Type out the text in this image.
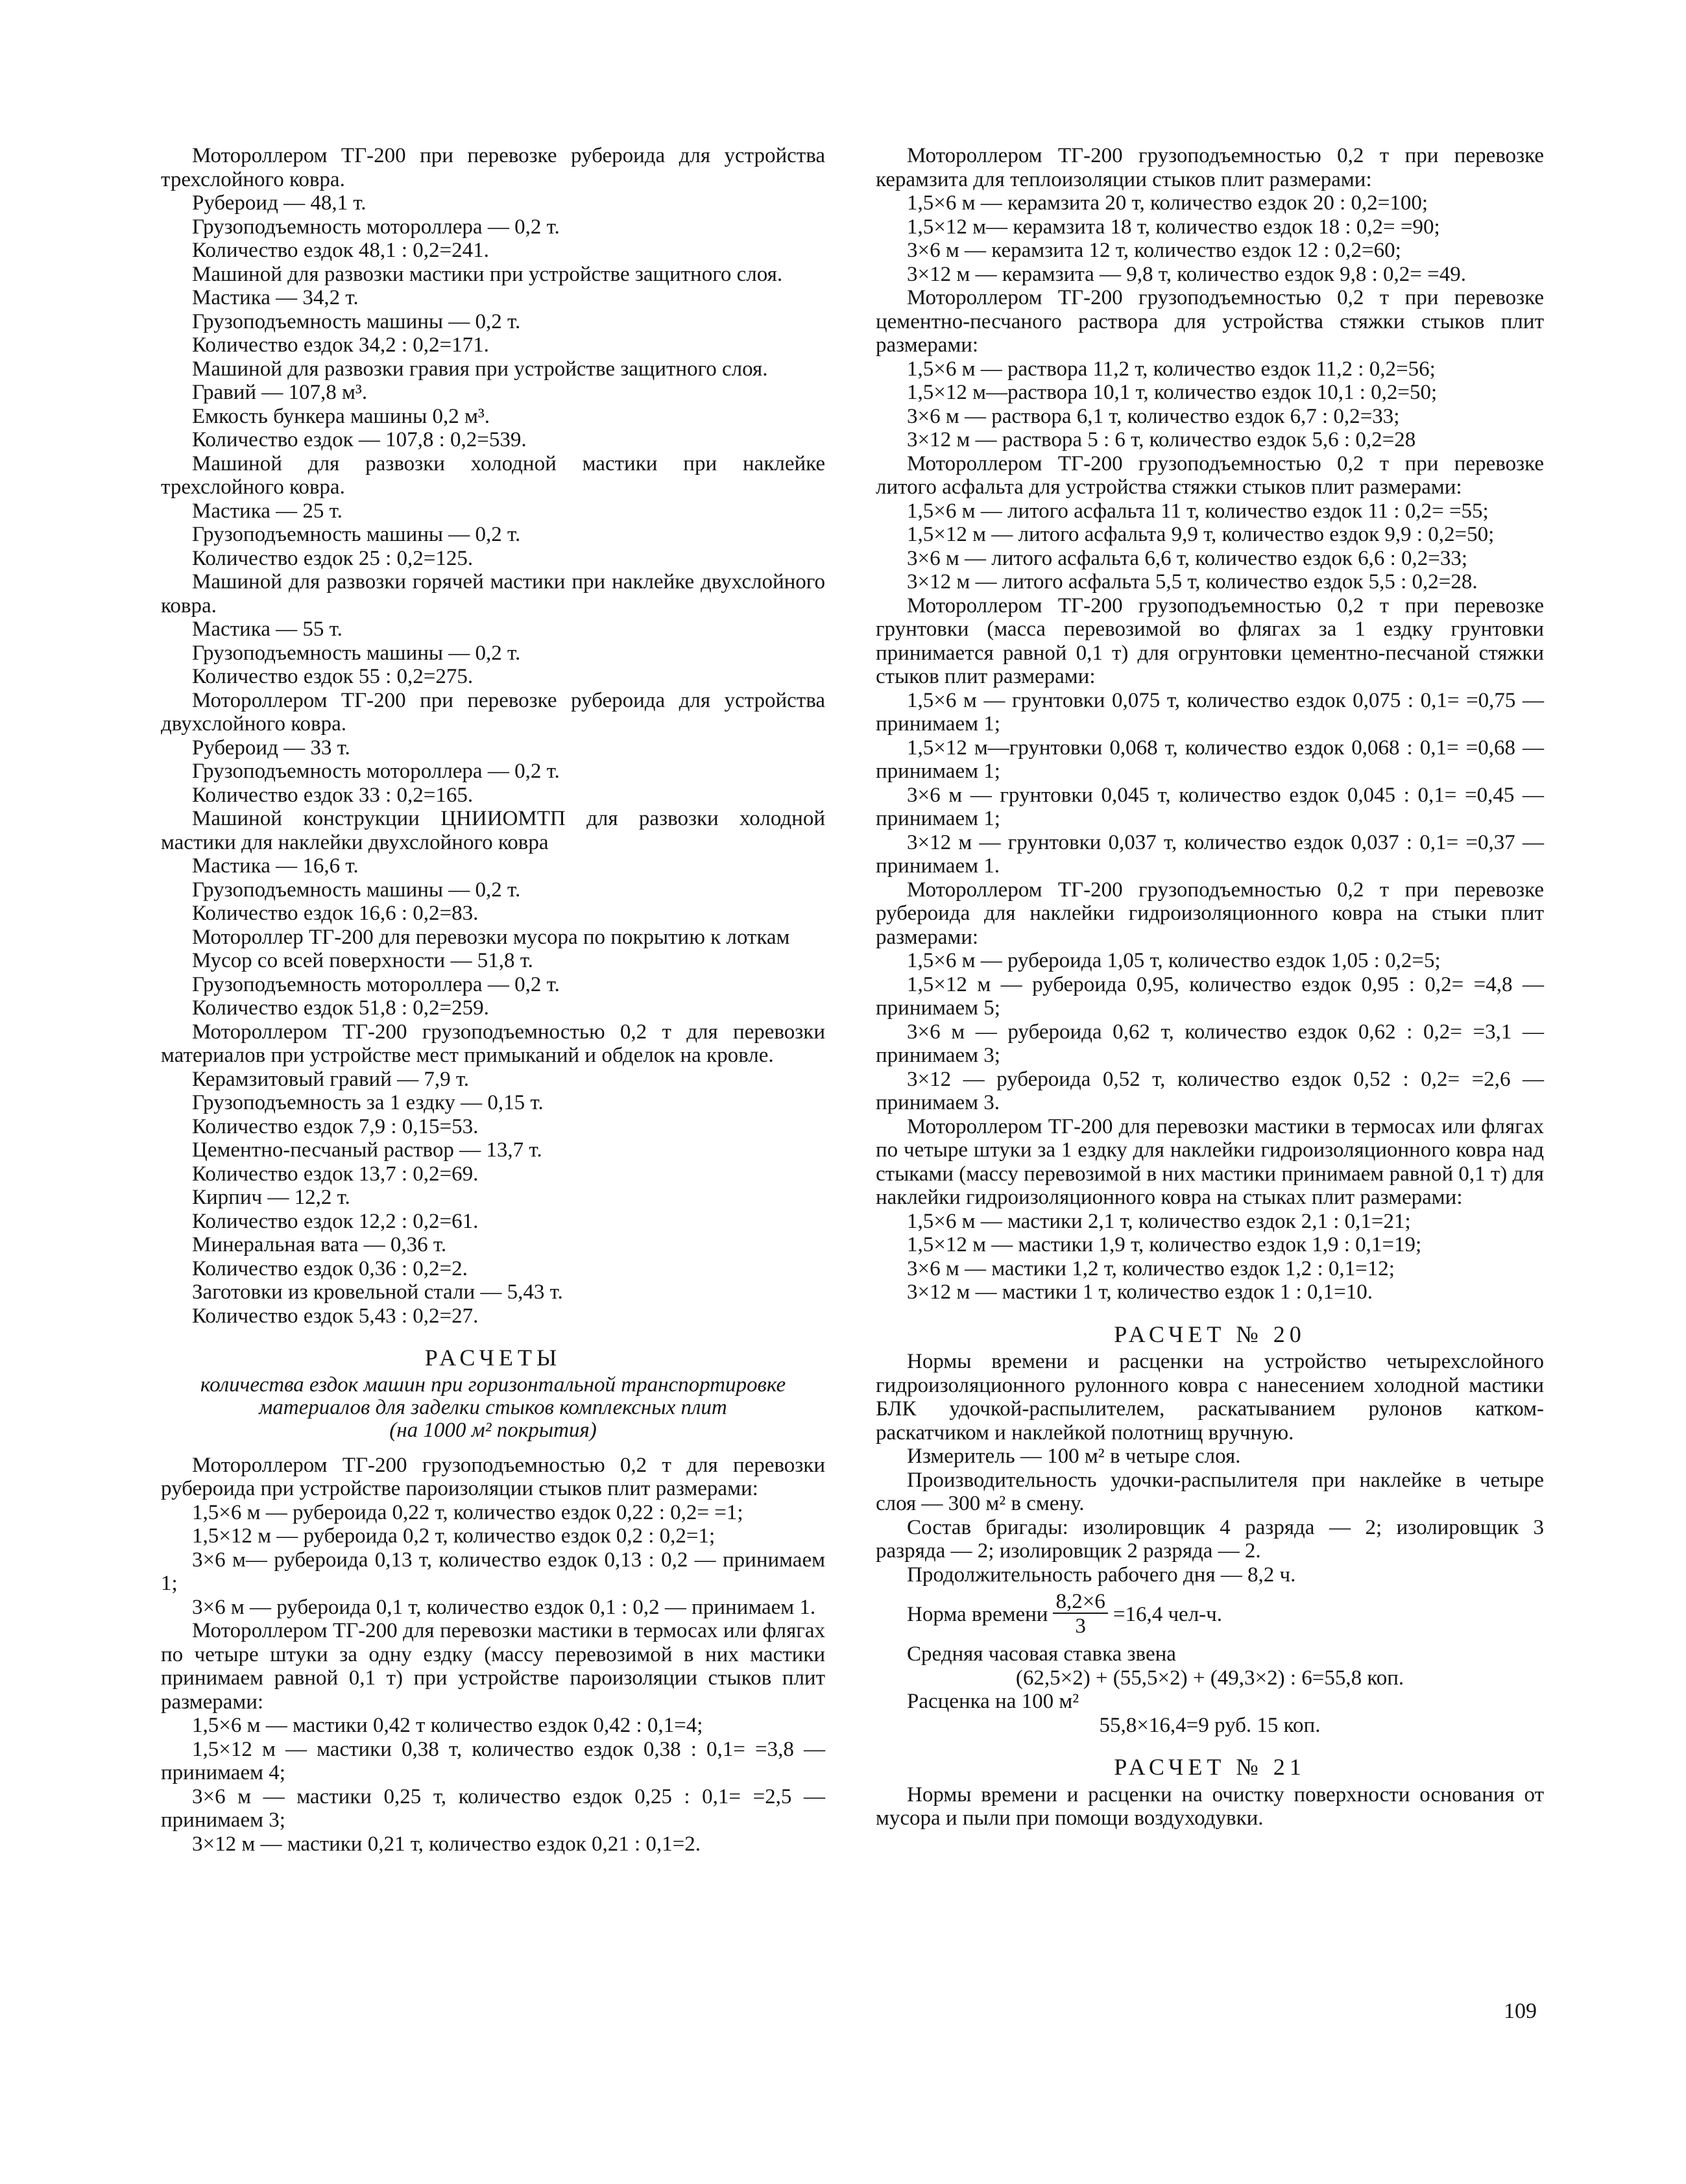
Мотороллером ТГ-200 при перевозке рубероида для устройства трехслойного ковра.

Рубероид — 48,1 т.

Грузоподъемность мотороллера — 0,2 т.

Количество ездок 48,1 : 0,2=241.

Машиной для развозки мастики при устройстве защитного слоя.

Мастика — 34,2 т.

Грузоподъемность машины — 0,2 т.

Количество ездок 34,2 : 0,2=171.

Машиной для развозки гравия при устройстве защитного слоя.

Гравий — 107,8 м³.

Емкость бункера машины 0,2 м³.

Количество ездок — 107,8 : 0,2=539.

Машиной для развозки холодной мастики при наклейке трехслойного ковра.

Мастика — 25 т.

Грузоподъемность машины — 0,2 т.

Количество ездок 25 : 0,2=125.

Машиной для развозки горячей мастики при наклейке двухслойного ковра.

Мастика — 55 т.

Грузоподъемность машины — 0,2 т.

Количество ездок 55 : 0,2=275.

Мотороллером ТГ-200 при перевозке рубероида для устройства двухслойного ковра.

Рубероид — 33 т.

Грузоподъемность мотороллера — 0,2 т.

Количество ездок 33 : 0,2=165.

Машиной конструкции ЦНИИОМТП для развозки холодной мастики для наклейки двухслойного ковра

Мастика — 16,6 т.

Грузоподъемность машины — 0,2 т.

Количество ездок 16,6 : 0,2=83.

Мотороллер ТГ-200 для перевозки мусора по покрытию к лоткам

Мусор со всей поверхности — 51,8 т.

Грузоподъемность мотороллера — 0,2 т.

Количество ездок 51,8 : 0,2=259.

Мотороллером ТГ-200 грузоподъемностью 0,2 т для перевозки материалов при устройстве мест примыканий и обделок на кровле.

Керамзитовый гравий — 7,9 т.

Грузоподъемность за 1 ездку — 0,15 т.

Количество ездок 7,9 : 0,15=53.

Цементно-песчаный раствор — 13,7 т.

Количество ездок 13,7 : 0,2=69.

Кирпич — 12,2 т.

Количество ездок 12,2 : 0,2=61.

Минеральная вата — 0,36 т.

Количество ездок 0,36 : 0,2=2.

Заготовки из кровельной стали — 5,43 т.

Количество ездок 5,43 : 0,2=27.

РАСЧЕТЫ
количества ездок машин при горизонтальной транспортировке
материалов для заделки стыков комплексных плит
(на 1000 м² покрытия)

Мотороллером ТГ-200 грузоподъемностью 0,2 т для перевозки рубероида при устройстве пароизоляции стыков плит размерами:

1,5×6 м — рубероида 0,22 т, количество ездок 0,22 : 0,2= =1;

1,5×12 м — рубероида 0,2 т, количество ездок 0,2 : 0,2=1;

3×6 м— рубероида 0,13 т, количество ездок 0,13 : 0,2 — принимаем 1;

3×6 м — рубероида 0,1 т, количество ездок 0,1 : 0,2 — принимаем 1.

Мотороллером ТГ-200 для перевозки мастики в термосах или флягах по четыре штуки за одну ездку (массу перевозимой в них мастики принимаем равной 0,1 т) при устройстве пароизоляции стыков плит размерами:

1,5×6 м — мастики 0,42 т количество ездок 0,42 : 0,1=4;

1,5×12 м — мастики 0,38 т, количество ездок 0,38 : 0,1= =3,8 — принимаем 4;

3×6 м — мастики 0,25 т, количество ездок 0,25 : 0,1= =2,5 — принимаем 3;

3×12 м — мастики 0,21 т, количество ездок 0,21 : 0,1=2.

Мотороллером ТГ-200 грузоподъемностью 0,2 т при перевозке керамзита для теплоизоляции стыков плит размерами:

1,5×6 м — керамзита 20 т, количество ездок 20 : 0,2=100;

1,5×12 м— керамзита 18 т, количество ездок 18 : 0,2= =90;

3×6 м — керамзита 12 т, количество ездок 12 : 0,2=60;

3×12 м — керамзита — 9,8 т, количество ездок 9,8 : 0,2= =49.

Мотороллером ТГ-200 грузоподъемностью 0,2 т при перевозке цементно-песчаного раствора для устройства стяжки стыков плит размерами:

1,5×6 м — раствора 11,2 т, количество ездок 11,2 : 0,2=56;

1,5×12 м—раствора 10,1 т, количество ездок 10,1 : 0,2=50;

3×6 м — раствора 6,1 т, количество ездок 6,7 : 0,2=33;

3×12 м — раствора 5 : 6 т, количество ездок 5,6 : 0,2=28

Мотороллером ТГ-200 грузоподъемностью 0,2 т при перевозке литого асфальта для устройства стяжки стыков плит размерами:

1,5×6 м — литого асфальта 11 т, количество ездок 11 : 0,2= =55;

1,5×12 м — литого асфальта 9,9 т, количество ездок 9,9 : 0,2=50;

3×6 м — литого асфальта 6,6 т, количество ездок 6,6 : 0,2=33;

3×12 м — литого асфальта 5,5 т, количество ездок 5,5 : 0,2=28.

Мотороллером ТГ-200 грузоподъемностью 0,2 т при перевозке грунтовки (масса перевозимой во флягах за 1 ездку грунтовки принимается равной 0,1 т) для огрунтовки цементно-песчаной стяжки стыков плит размерами:

1,5×6 м — грунтовки 0,075 т, количество ездок 0,075 : 0,1= =0,75 — принимаем 1;

1,5×12 м—грунтовки 0,068 т, количество ездок 0,068 : 0,1= =0,68 — принимаем 1;

3×6 м — грунтовки 0,045 т, количество ездок 0,045 : 0,1= =0,45 — принимаем 1;

3×12 м — грунтовки 0,037 т, количество ездок 0,037 : 0,1= =0,37 — принимаем 1.

Мотороллером ТГ-200 грузоподъемностью 0,2 т при перевозке рубероида для наклейки гидроизоляционного ковра на стыки плит размерами:

1,5×6 м — рубероида 1,05 т, количество ездок 1,05 : 0,2=5;

1,5×12 м — рубероида 0,95, количество ездок 0,95 : 0,2= =4,8 — принимаем 5;

3×6 м — рубероида 0,62 т, количество ездок 0,62 : 0,2= =3,1 — принимаем 3;

3×12 — рубероида 0,52 т, количество ездок 0,52 : 0,2= =2,6 — принимаем 3.

Мотороллером ТГ-200 для перевозки мастики в термосах или флягах по четыре штуки за 1 ездку для наклейки гидроизоляционного ковра над стыками (массу перевозимой в них мастики принимаем равной 0,1 т) для наклейки гидроизоляционного ковра на стыках плит размерами:

1,5×6 м — мастики 2,1 т, количество ездок 2,1 : 0,1=21;

1,5×12 м — мастики 1,9 т, количество ездок 1,9 : 0,1=19;

3×6 м — мастики 1,2 т, количество ездок 1,2 : 0,1=12;

3×12 м — мастики 1 т, количество ездок 1 : 0,1=10.

РАСЧЕТ № 20

Нормы времени и расценки на устройство четырехслойного гидроизоляционного рулонного ковра с нанесением холодной мастики БЛК удочкой-распылителем, раскатыванием рулонов катком-раскатчиком и наклейкой полотнищ вручную.

Измеритель — 100 м² в четыре слоя.

Производительность удочки-распылителя при наклейке в четыре слоя — 300 м² в смену.

Состав бригады: изолировщик 4 разряда — 2; изолировщик 3 разряда — 2; изолировщик 2 разряда — 2.

Продолжительность рабочего дня — 8,2 ч.

Норма времени $\frac{8,2\times 6}{3} =16,4$ чел-ч.

Средняя часовая ставка звена

(62,5×2) + (55,5×2) + (49,3×2) : 6=55,8 коп.

Расценка на 100 м²

55,8×16,4=9 руб. 15 коп.

РАСЧЕТ № 21

Нормы времени и расценки на очистку поверхности основания от мусора и пыли при помощи воздуходувки.

109
